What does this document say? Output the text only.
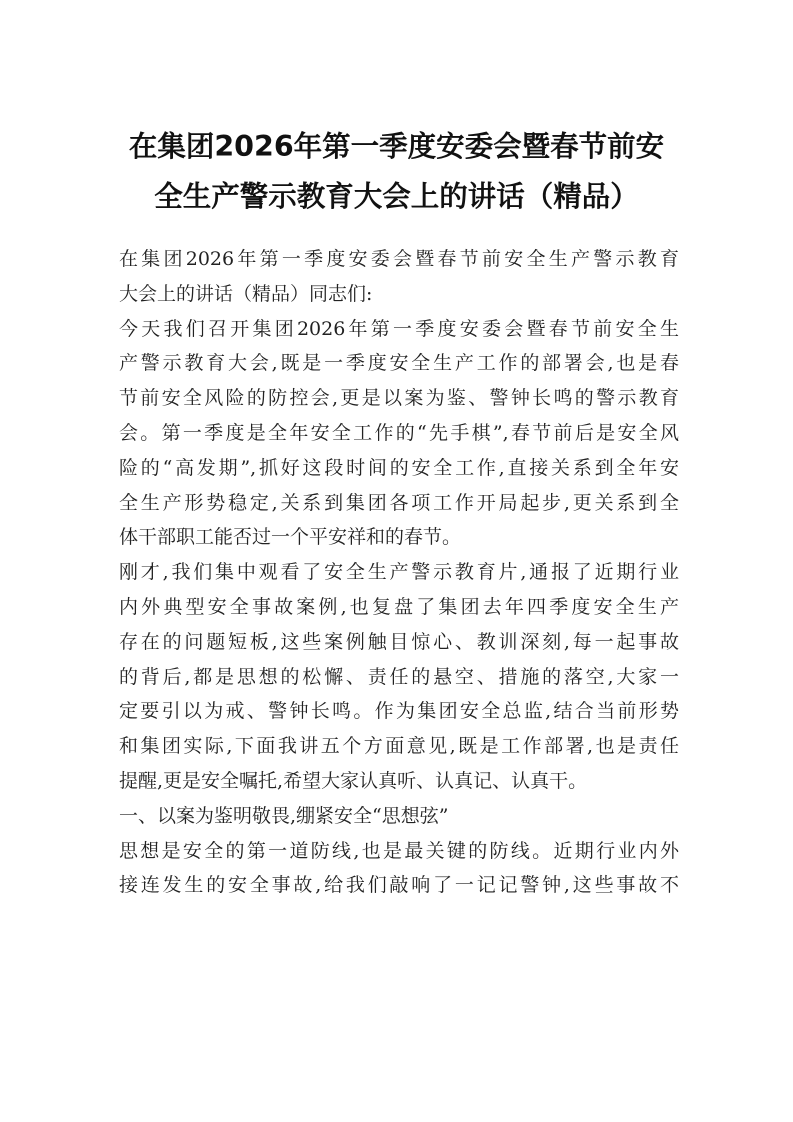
在集团2026年第一季度安委会暨春节前安
全生产警示教育大会上的讲话（精品）
在集团2026年第一季度安委会暨春节前安全生产警示教育
大会上的讲话（精品）同志们:
今天我们召开集团2026年第一季度安委会暨春节前安全生
产警示教育大会,既是一季度安全生产工作的部署会,也是春
节前安全风险的防控会,更是以案为鉴、警钟长鸣的警示教育
会。第一季度是全年安全工作的“先手棋”,春节前后是安全风
险的“高发期”,抓好这段时间的安全工作,直接关系到全年安
全生产形势稳定,关系到集团各项工作开局起步,更关系到全
体干部职工能否过一个平安祥和的春节。
刚才,我们集中观看了安全生产警示教育片,通报了近期行业
内外典型安全事故案例,也复盘了集团去年四季度安全生产
存在的问题短板,这些案例触目惊心、教训深刻,每一起事故
的背后,都是思想的松懈、责任的悬空、措施的落空,大家一
定要引以为戒、警钟长鸣。作为集团安全总监,结合当前形势
和集团实际,下面我讲五个方面意见,既是工作部署,也是责任
提醒,更是安全嘱托,希望大家认真听、认真记、认真干。
一、以案为鉴明敬畏,绷紧安全“思想弦”
思想是安全的第一道防线,也是最关键的防线。近期行业内外
接连发生的安全事故,给我们敲响了一记记警钟,这些事故不
